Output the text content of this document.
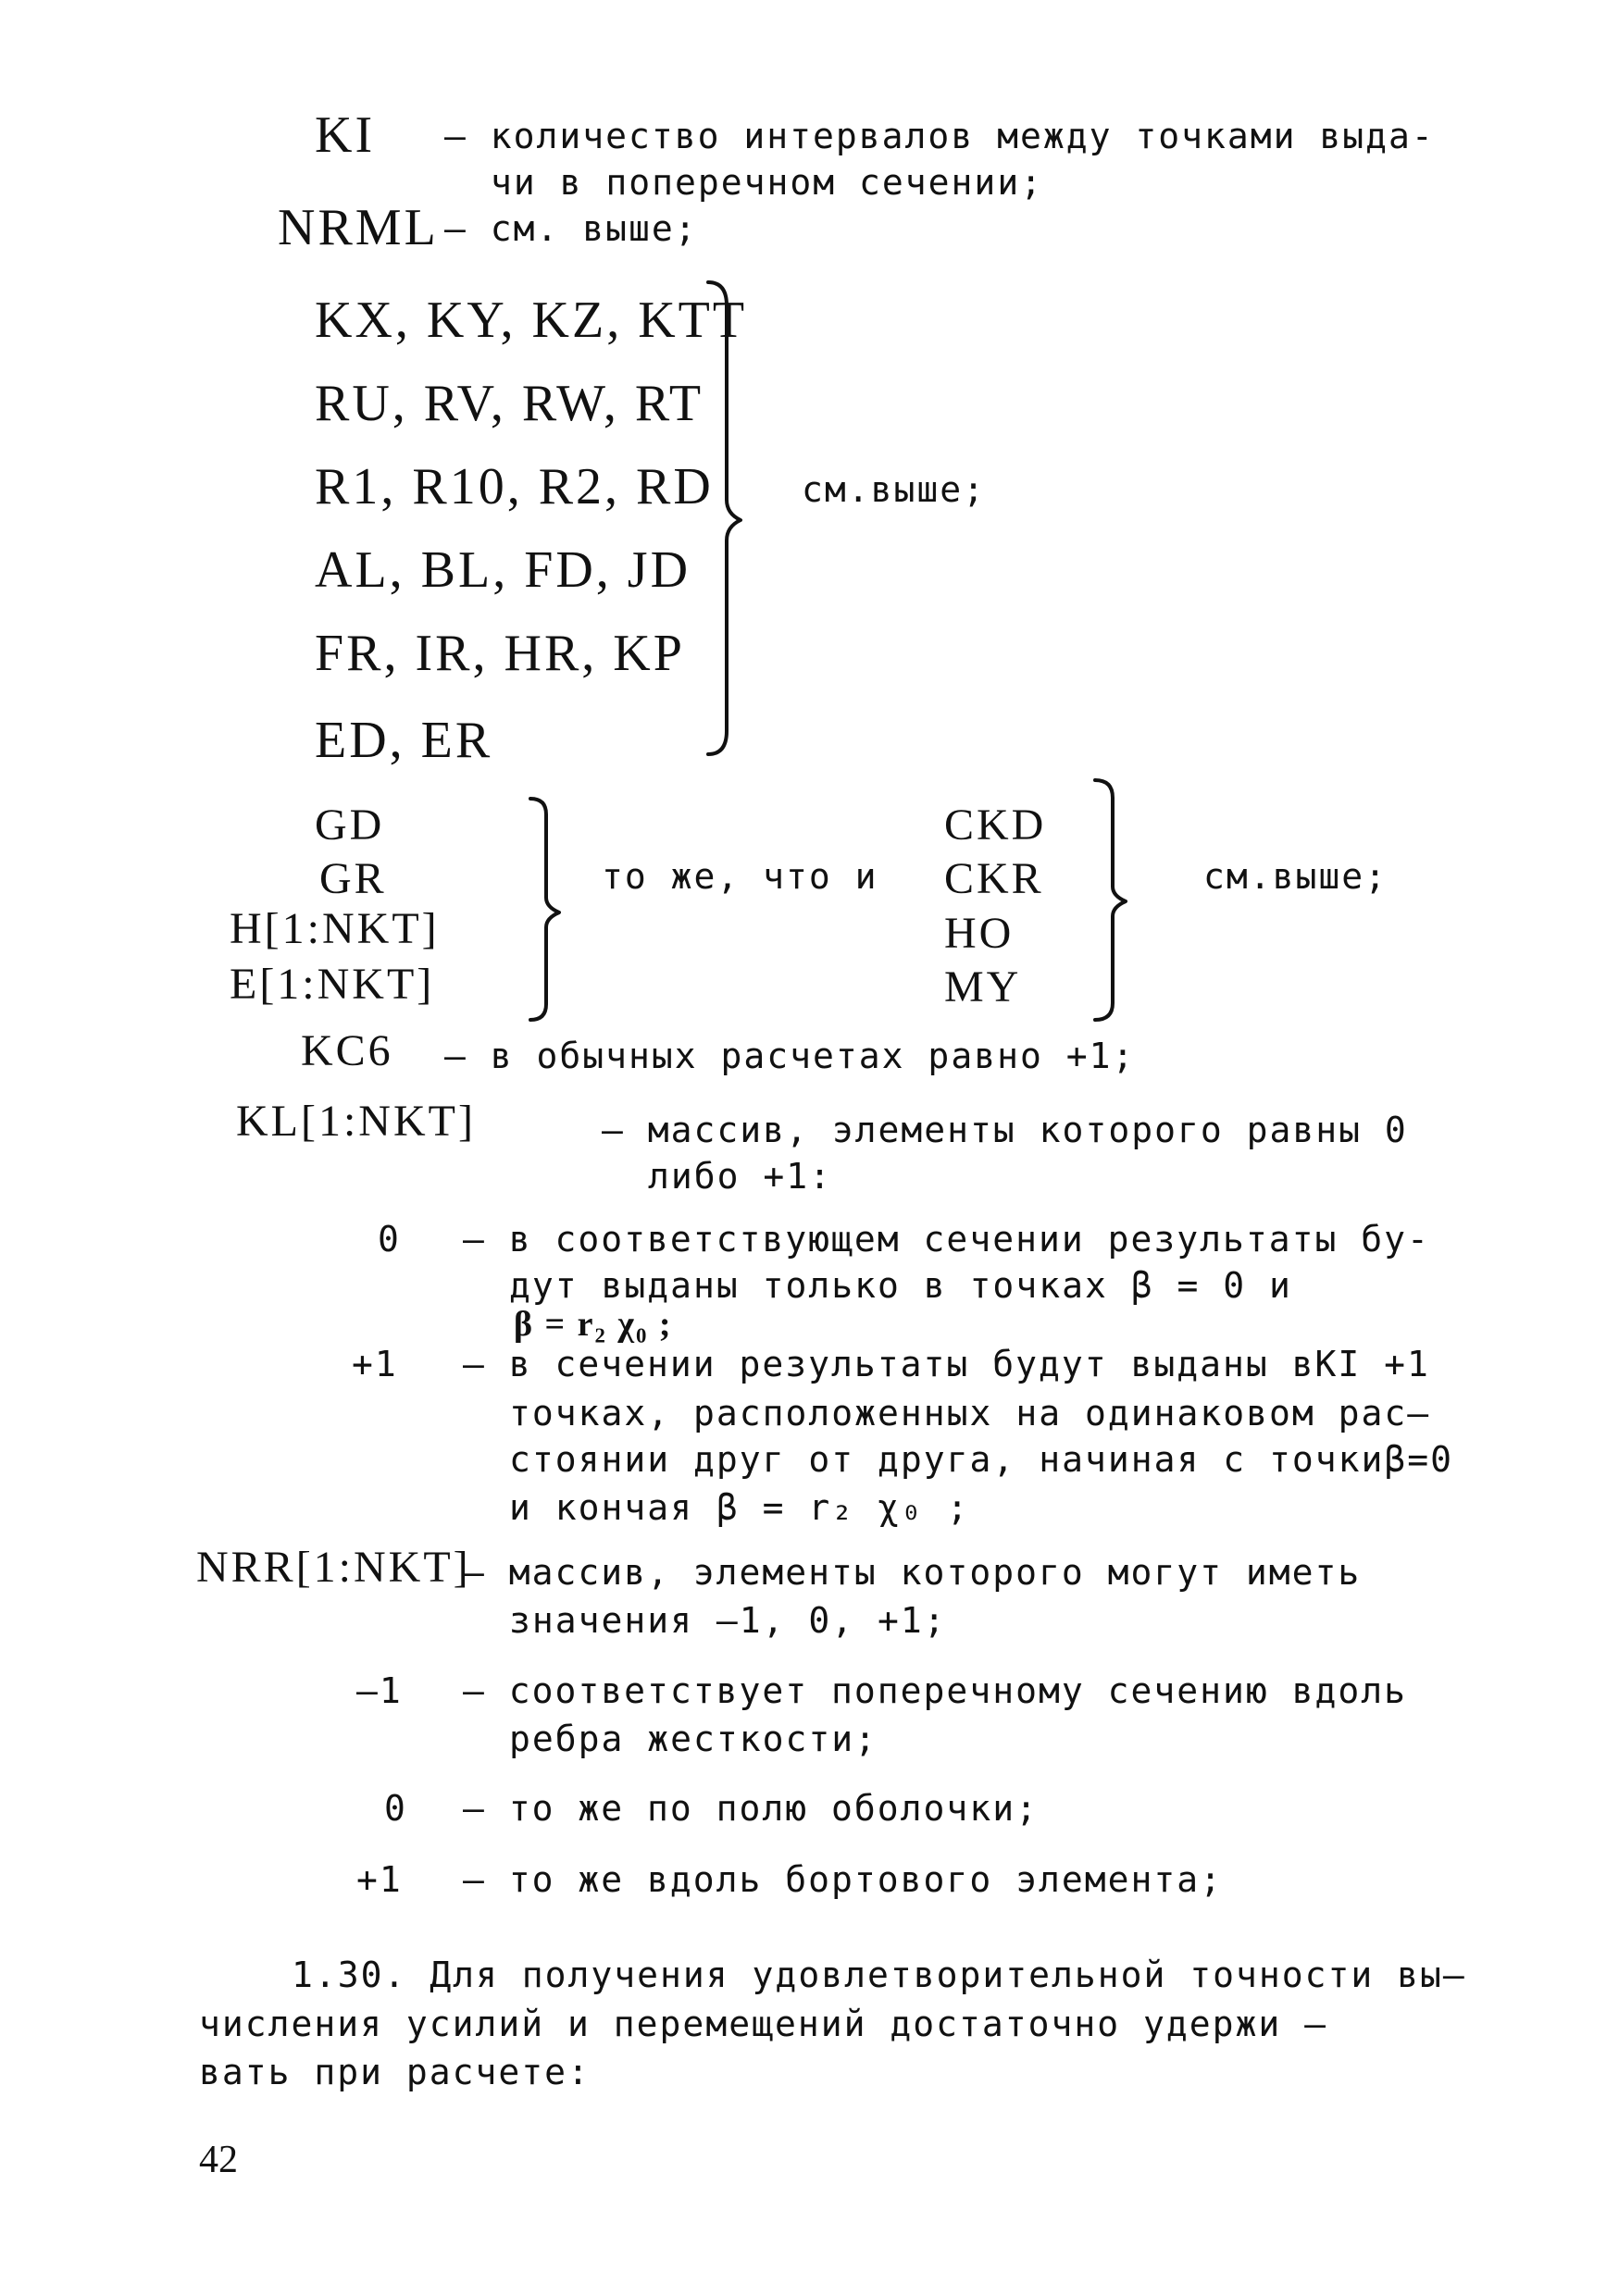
KI – количество интервалов между точками выда-
чи в поперечном сечении;
NRML – см. выше;
KX, KY, KZ, KTT
RU, RV, RW, RT
R1, R10, R2, RD
AL, BL, FD, JD
FR, IR, HR, KP
ED, ER
см.выше;
GD
GR
H[1:NKT]
E[1:NKT]
то же, что и
CKD
CKR
HO
MY
см.выше;
KC6 – в обычных расчетах равно +1;
KL[1:NKT]	– массив, элементы которого равны 0
либо +1:
0 – в соответствующем сечении результаты бу-
дут выданы только в точках β = 0 и
β = r₂ χ₀ ;
+1 – в сечении результаты будут выданы вKI +1
точках, расположенных на одинаковом рас–
стоянии друг от друга, начиная с точкиβ=0
и кончая β = r₂ χ₀ ;
NRR[1:NKT]
– массив, элементы которого могут иметь
значения –1, 0, +1;
–1 – соответствует поперечному сечению вдоль
ребра жесткости;
0 – то же по полю оболочки;
+1 – то же вдоль бортового элемента;
1.30. Для получения удовлетворительной точности вы–
числения усилий и перемещений достаточно удержи –
вать при расчете:
42
